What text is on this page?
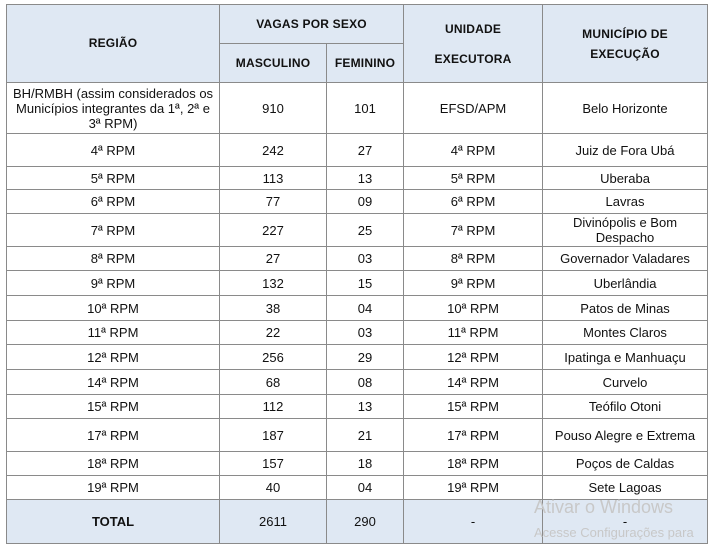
REGIÃO	VAGAS POR SEXO		UNIDADE EXECUTORA	MUNICÍPIO DE EXECUÇÃO
	MASCULINO	FEMININO		
BH/RMBH (assim considerados os Municípios integrantes da 1ª, 2ª e 3ª RPM)	910	101	EFSD/APM	Belo Horizonte
4ª RPM	242	27	4ª RPM	Juiz de Fora Ubá
5ª RPM	113	13	5ª RPM	Uberaba
6ª RPM	77	09	6ª RPM	Lavras
7ª RPM	227	25	7ª RPM	Divinópolis e Bom Despacho
8ª RPM	27	03	8ª RPM	Governador Valadares
9ª RPM	132	15	9ª RPM	Uberlândia
10ª RPM	38	04	10ª RPM	Patos de Minas
11ª RPM	22	03	11ª RPM	Montes Claros
12ª RPM	256	29	12ª RPM	Ipatinga e Manhuaçu
14ª RPM	68	08	14ª RPM	Curvelo
15ª RPM	112	13	15ª RPM	Teófilo Otoni
17ª RPM	187	21	17ª RPM	Pouso Alegre e Extrema
18ª RPM	157	18	18ª RPM	Poços de Caldas
19ª RPM	40	04	19ª RPM	Sete Lagoas
TOTAL	2611	290	-	-
Ativar o Windows
Acesse Configurações para
